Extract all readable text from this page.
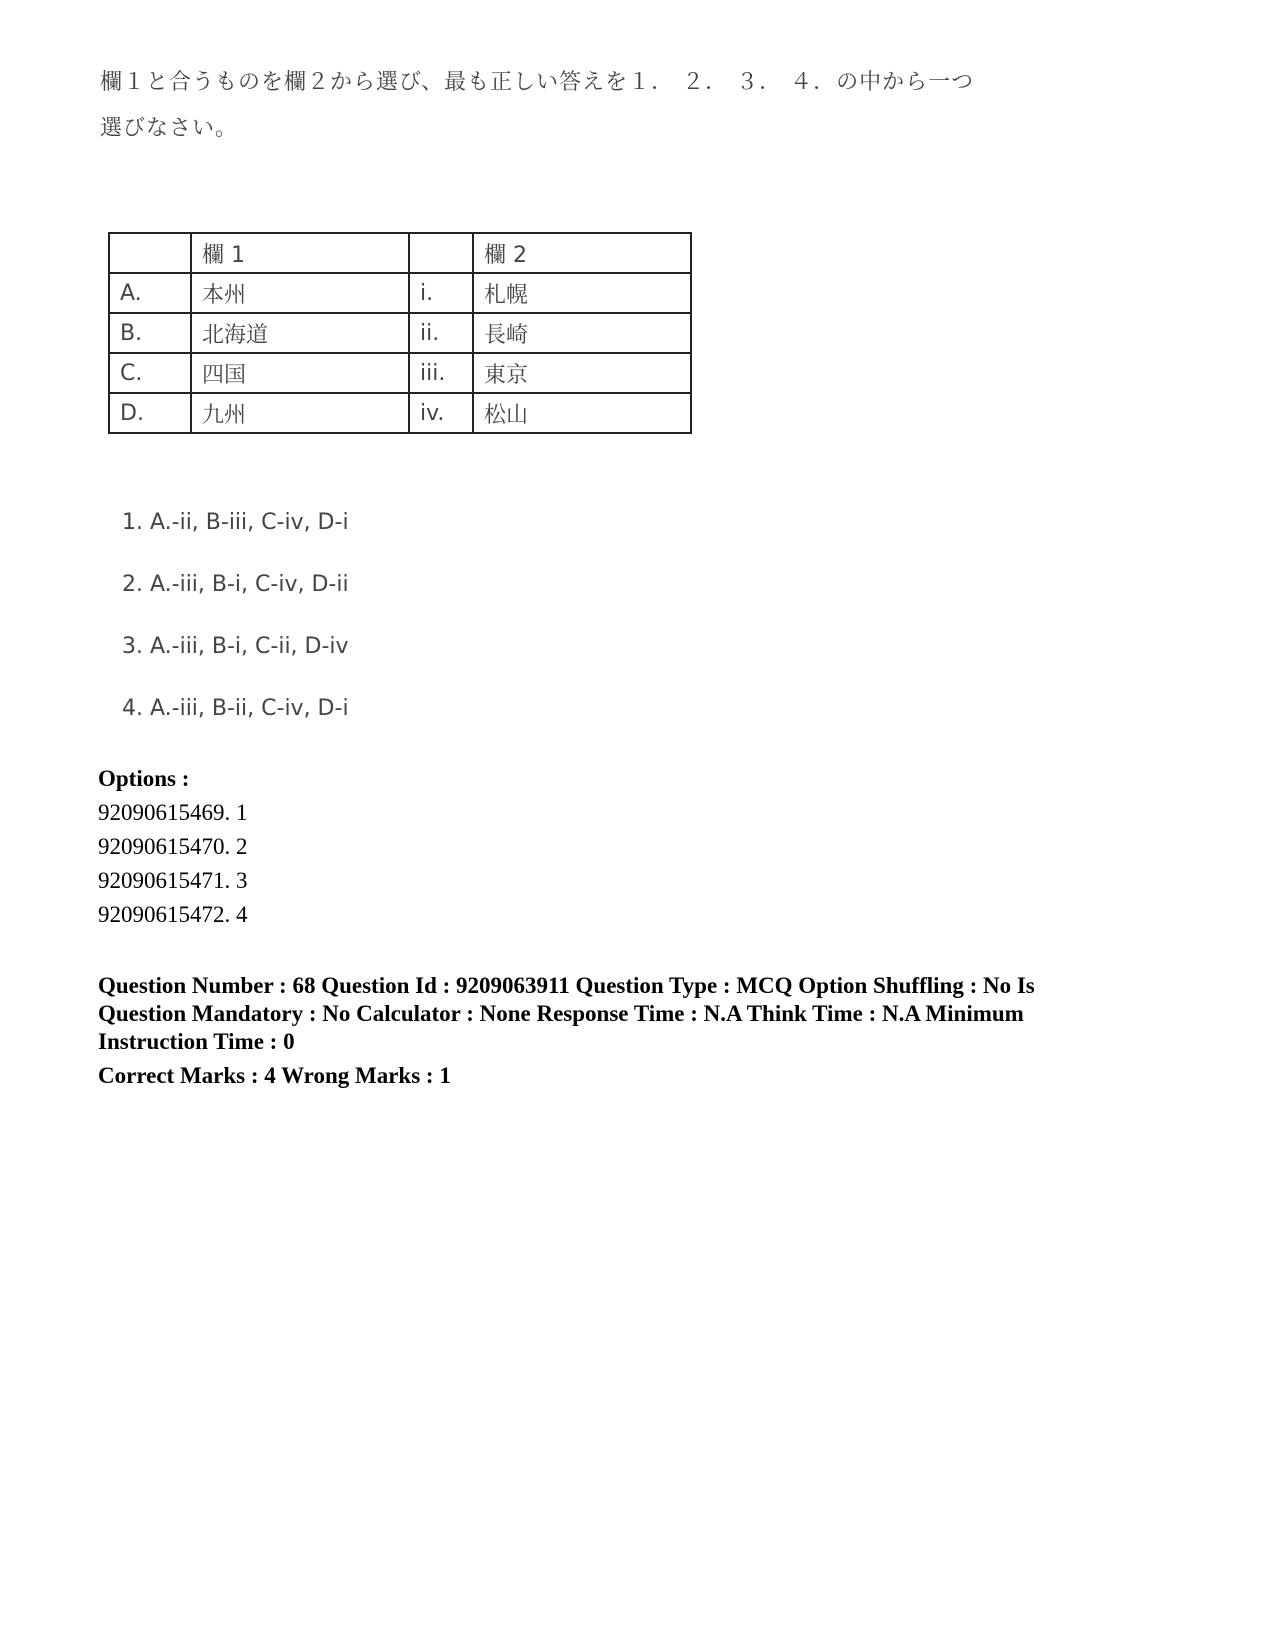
欄１と合うものを欄２から選び、最も正しい答えを１． ２． ３． ４．の中から一つ選びなさい。

	欄 1		欄 2
A.	本州	i.	札幌
B.	北海道	ii.	長崎
C.	四国	iii.	東京
D.	九州	iv.	松山
1. A.-ii, B-iii, C-iv, D-i
2. A.-iii, B-i, C-iv, D-ii
3. A.-iii, B-i, C-ii, D-iv
4. A.-iii, B-ii, C-iv, D-i
Options :
92090615469. 1
92090615470. 2
92090615471. 3
92090615472. 4
Question Number : 68 Question Id : 9209063911 Question Type : MCQ Option Shuffling : No Is Question Mandatory : No Calculator : None Response Time : N.A Think Time : N.A Minimum Instruction Time : 0
Correct Marks : 4 Wrong Marks : 1
